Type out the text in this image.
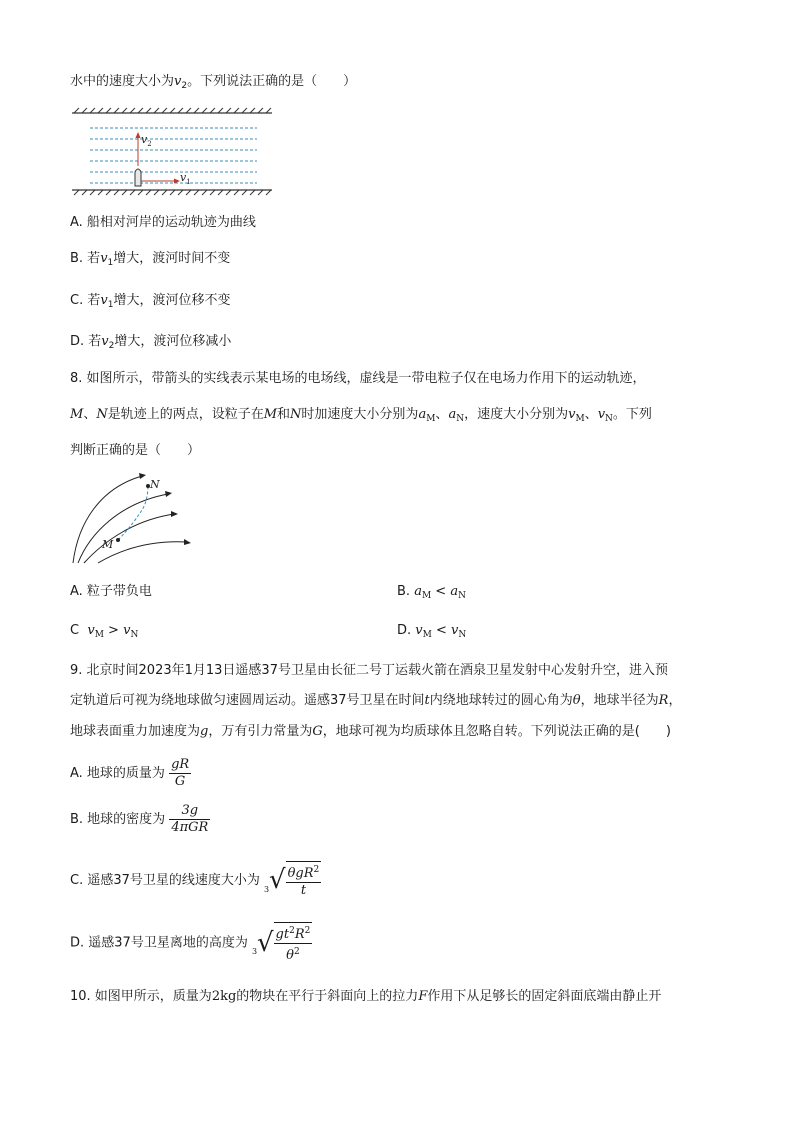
水中的速度大小为$v_2$。下列说法正确的是（　　）
$v_2$
$v_1$
A. 船相对河岸的运动轨迹为曲线
B. 若$v_1$增大，渡河时间不变
C. 若$v_1$增大，渡河位移不变
D. 若$v_2$增大，渡河位移减小
8. 如图所示，带箭头的实线表示某电场的电场线，虚线是一带电粒子仅在电场力作用下的运动轨迹，
M、N是轨迹上的两点，设粒子在M和N时加速度大小分别为$a_M$、$a_N$，速度大小分别为$v_M$、$v_N$。下列
判断正确的是（　　）
M
N
A. 粒子带负电	B. $a_M < a_N$
C  $v_M > v_N$	D. $v_M < v_N$
9. 北京时间2023年1月13日遥感37号卫星由长征二号丁运载火箭在酒泉卫星发射中心发射升空，进入预
定轨道后可视为绕地球做匀速圆周运动。遥感37号卫星在时间t内绕地球转过的圆心角为θ，地球半径为R，
地球表面重力加速度为g，万有引力常量为G，地球可视为均质球体且忽略自转。下列说法正确的是(　　)
A. 地球的质量为 $\frac{gR}{G}$
B. 地球的密度为 $\frac{3g}{\text{4πGR}}$
C. 遥感37号卫星的线速度大小为
3 √ $\frac{\theta gR^2}{t}$
D. 遥感37号卫星离地的高度为
3 √ $\frac{gt^2R^2}{\theta^2}$
10. 如图甲所示，质量为2kg的物块在平行于斜面向上的拉力F作用下从足够长的固定斜面底端由静止开
